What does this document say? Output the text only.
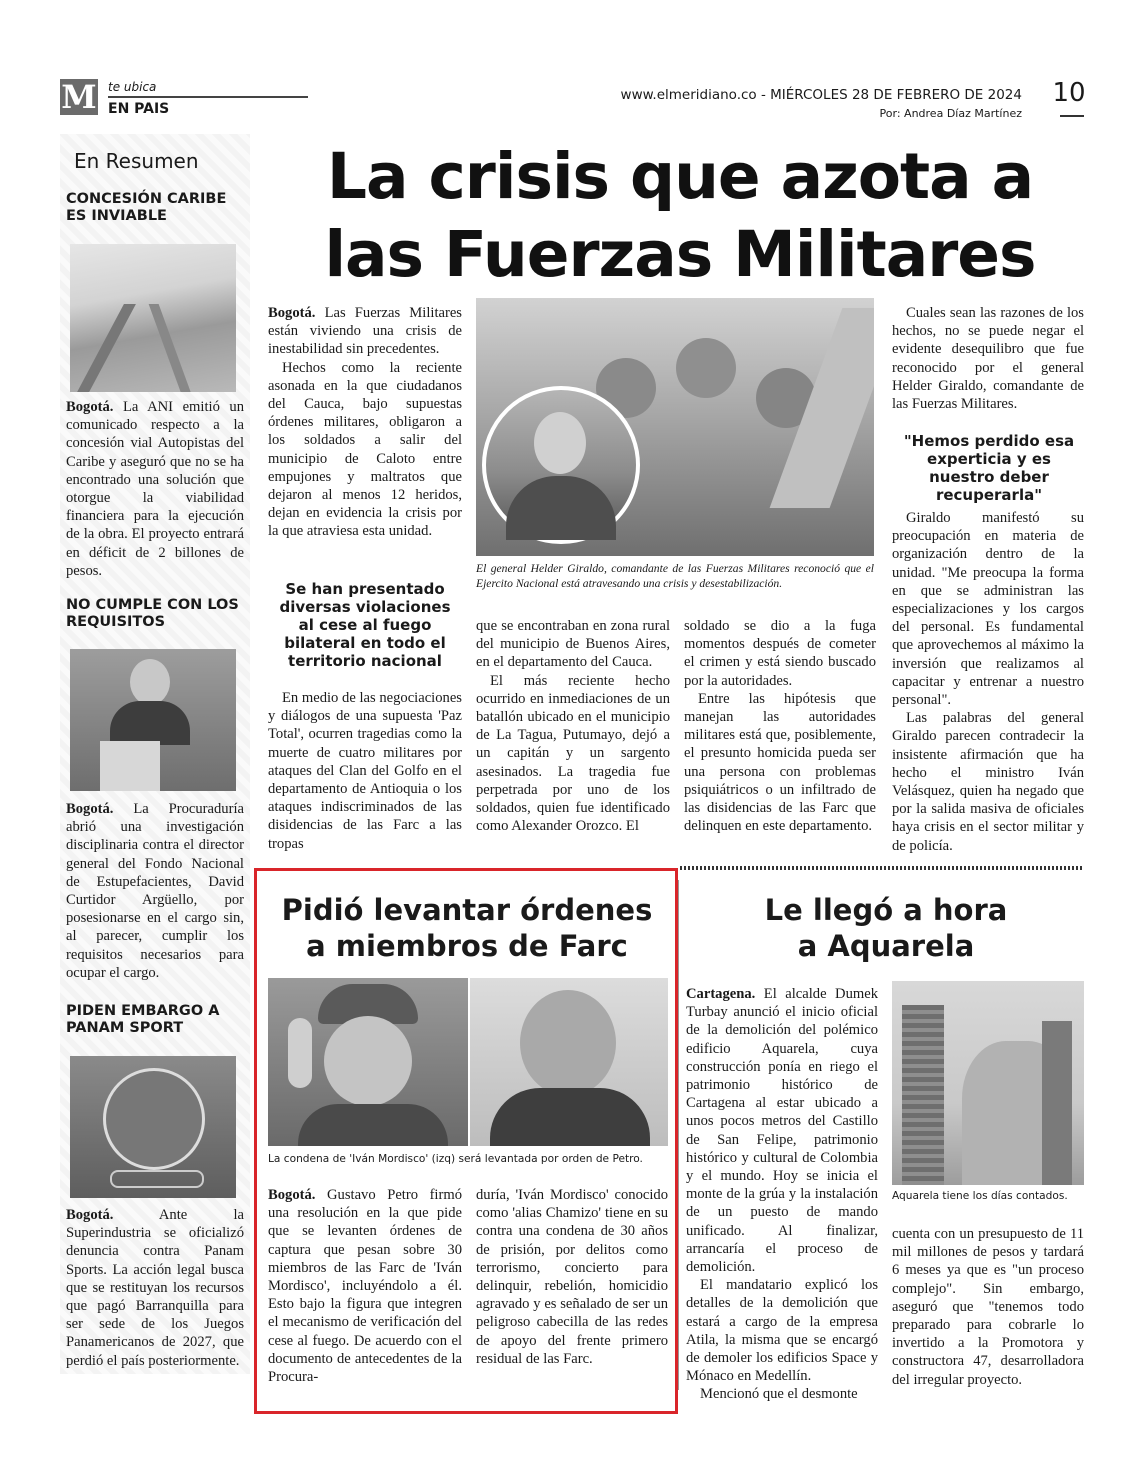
M te ubica
EN PAIS
www.elmeridiano.co - MIÉRCOLES 28 DE FEBRERO DE 2024
Por: Andrea Díaz Martínez
10
En Resumen
CONCESIÓN CARIBE ES INVIABLE

Bogotá. La ANI emitió un comunicado respecto a la concesión vial Autopistas del Caribe y aseguró que no se ha encontrado una solución que otorgue la viabilidad financiera para la ejecución de la obra. El proyecto entrará en déficit de 2 billones de pesos.

NO CUMPLE CON LOS REQUISITOS

Bogotá. La Procuraduría abrió una investigación disciplinaria contra el director general del Fondo Nacional de Estupefacientes, David Curtidor Argüello, por posesionarse en el cargo sin, al parecer, cumplir los requisitos necesarios para ocupar el cargo.

PIDEN EMBARGO A PANAM SPORT

Bogotá.	Ante la Superindustria se oficializó denuncia contra Panam Sports. La acción legal busca que se restituyan los recursos que pagó Barranquilla para ser sede de los Juegos Panamericanos de 2027, que perdió el país posteriormente.

La crisis que azota a
las Fuerzas Militares

Bogotá. Las Fuerzas Militares están viviendo una crisis de inestabilidad sin precedentes.

Hechos como la reciente asonada en la que ciudadanos del Cauca, bajo supuestas órdenes militares, obligaron a los soldados a salir del municipio de Caloto entre empujones y maltratos que dejaron al menos 12 heridos, dejan en evidencia la crisis por la que atraviesa esta unidad.

Se han presentado diversas violaciones al cese al fuego bilateral en todo el territorio nacional

En medio de las negociaciones y diálogos de una supuesta 'Paz Total', ocurren tragedias como la muerte de cuatro militares por ataques del Clan del Golfo en el departamento de Antioquia o los ataques indiscriminados de las disidencias de las Farc a las tropas

El general Helder Giraldo, comandante de las Fuerzas Militares reconoció que el Ejercito Nacional está atravesando una crisis y desestabilización.

que se encontraban en zona rural del municipio de Buenos Aires, en el departamento del Cauca.

El más reciente hecho ocurrido en inmediaciones de un batallón ubicado en el municipio de La Tagua, Putumayo, dejó a un capitán y un sargento asesinados. La tragedia fue perpetrada por uno de los soldados, quien fue identificado como Alexander Orozco. El

soldado se dio a la fuga momentos después de cometer el crimen y está siendo buscado por la autoridades.

Entre las hipótesis que manejan las autoridades militares está que, posiblemente, el presunto homicida pueda ser una persona con problemas psiquiátricos o un infiltrado de las disidencias de las Farc que delinquen en este departamento.

Cuales sean las razones de los hechos, no se puede negar el evidente desequilibro que fue reconocido por el general Helder Giraldo, comandante de las Fuerzas Militares.

"Hemos perdido esa experticia y es nuestro deber recuperarla"

Giraldo manifestó su preocupación en materia de organización dentro de la unidad. "Me preocupa la forma en que se administran las especializaciones y los cargos del personal. Es fundamental que aprovechemos al máximo la inversión que realizamos al capacitar y entrenar a nuestro personal".

Las palabras del general Giraldo parecen contradecir la insistente afirmación que ha hecho el ministro Iván Velásquez, quien ha negado que por la salida masiva de oficiales haya crisis en el sector militar y de policía.

Pidió levantar órdenes
a miembros de Farc
La condena de 'Iván Mordisco' (izq) será levantada por orden de Petro.

Bogotá. Gustavo Petro firmó una resolución en la que pide que se levanten órdenes de captura que pesan sobre 30 miembros de las Farc de 'Iván Mordisco', incluyéndolo a él. Esto bajo la figura que integren el mecanismo de verificación del cese al fuego. De acuerdo con el documento de antecedentes de la Procura-

duría, 'Iván Mordisco' conocido como 'alias Chamizo' tiene en su contra una condena de 30 años de prisión, por delitos como terrorismo, concierto para delinquir, rebelión, homicidio agravado y es señalado de ser un peligroso cabecilla de las redes de apoyo del frente primero residual de las Farc.

Le llegó a hora
a Aquarela

Cartagena. El alcalde Dumek Turbay anunció el inicio oficial de la demolición del polémico edificio Aquarela, cuya construcción ponía en riego el patrimonio histórico de Cartagena al estar ubicado a unos pocos metros del Castillo de San Felipe, patrimonio histórico y cultural de Colombia y el mundo. Hoy se inicia el monte de la grúa y la instalación de un puesto de mando unificado. Al finalizar, arrancaría el proceso de demolición.

El mandatario explicó los detalles de la demolición que estará a cargo de la empresa Atila, la misma que se encargó de demoler los edificios Space y Mónaco en Medellín.

Mencionó que el desmonte

Aquarela tiene los días contados.

cuenta con un presupuesto de 11 mil millones de pesos y tardará 6 meses ya que es "un proceso complejo". Sin embargo, aseguró que "tenemos todo preparado para cobrarle lo invertido a la Promotora y constructora 47, desarrolladora del irregular proyecto.
